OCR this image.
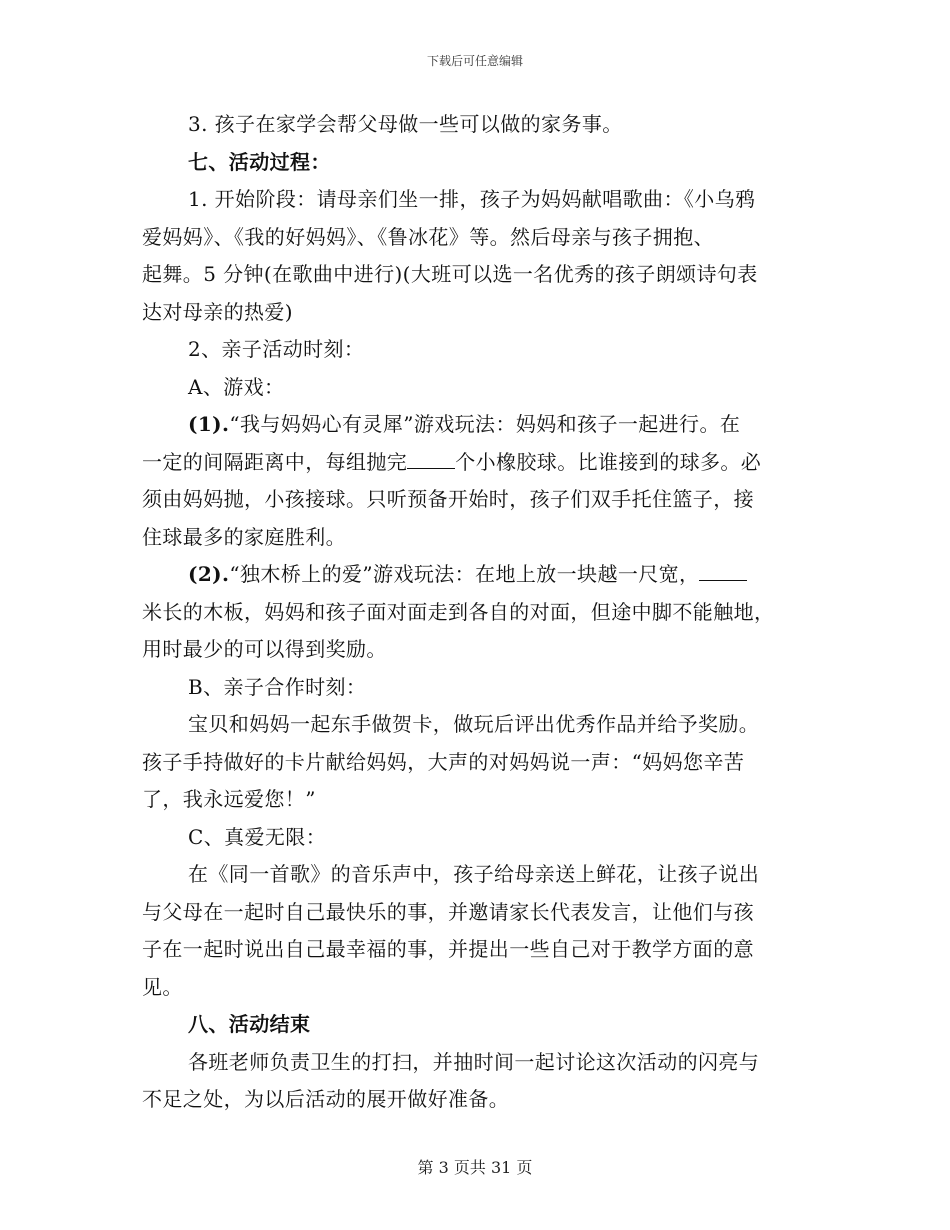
下载后可任意编辑
3. 孩子在家学会帮父母做一些可以做的家务事。
七、活动过程：
1. 开始阶段：请母亲们坐一排，孩子为妈妈献唱歌曲：《小乌鸦
爱妈妈》、《我的好妈妈》、《鲁冰花》等。然后母亲与孩子拥抱、
起舞。5 分钟(在歌曲中进行)(大班可以选一名优秀的孩子朗颂诗句表
达对母亲的热爱)
2、亲子活动时刻：
A、游戏：
(1).“我与妈妈心有灵犀”游戏玩法：妈妈和孩子一起进行。在
一定的间隔距离中，每组抛完 个小橡胶球。比谁接到的球多。必
须由妈妈抛，小孩接球。只听预备开始时，孩子们双手托住篮子，接
住球最多的家庭胜利。
(2).“独木桥上的爱”游戏玩法：在地上放一块越一尺宽，
米长的木板，妈妈和孩子面对面走到各自的对面，但途中脚不能触地，
用时最少的可以得到奖励。
B、亲子合作时刻：
宝贝和妈妈一起东手做贺卡，做玩后评出优秀作品并给予奖励。
孩子手持做好的卡片献给妈妈，大声的对妈妈说一声：“妈妈您辛苦
了，我永远爱您！”
C、真爱无限：
在《同一首歌》的音乐声中，孩子给母亲送上鲜花，让孩子说出
与父母在一起时自己最快乐的事，并邀请家长代表发言，让他们与孩
子在一起时说出自己最幸福的事，并提出一些自己对于教学方面的意
见。
八、活动结束
各班老师负责卫生的打扫，并抽时间一起讨论这次活动的闪亮与
不足之处，为以后活动的展开做好准备。
第 3 页共 31 页
